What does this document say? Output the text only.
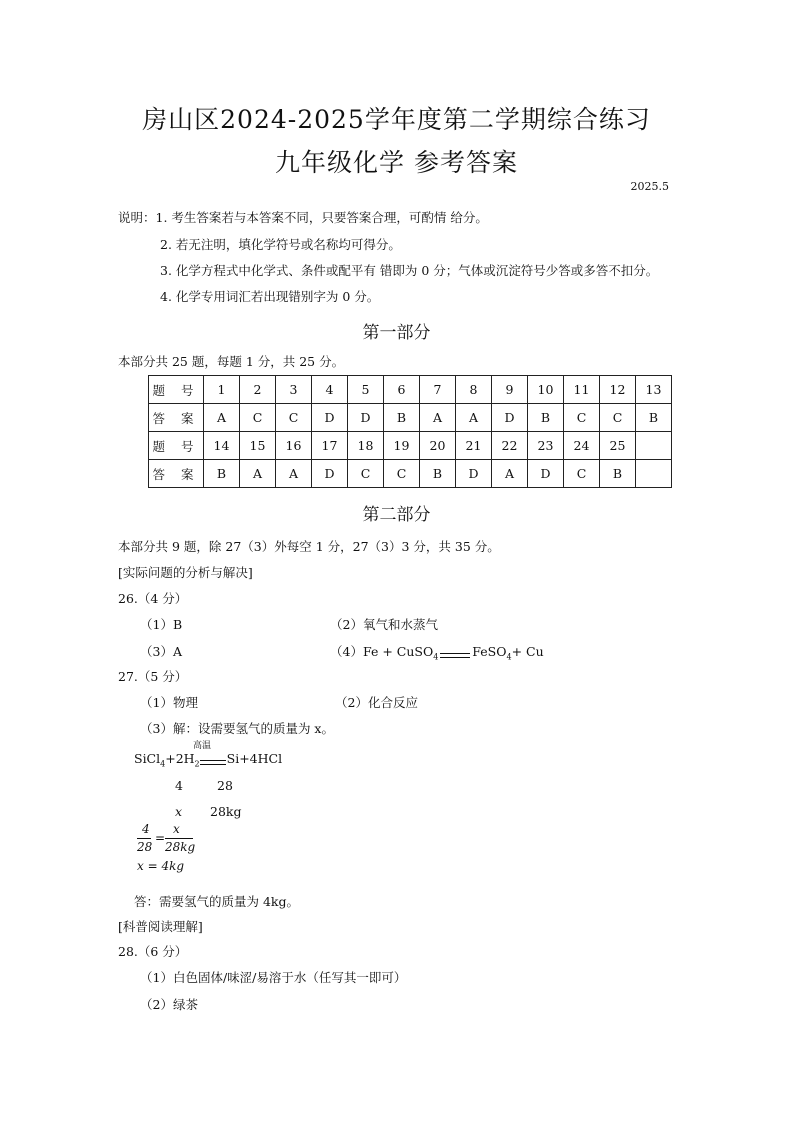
房山区2024-2025学年度第二学期综合练习
九年级化学 参考答案
2025.5
说明：1. 考生答案若与本答案不同，只要答案合理，可酌情 给分。
2. 若无注明，填化学符号或名称均可得分。
3. 化学方程式中化学式、条件或配平有 错即为 0 分；气体或沉淀符号少答或多答不扣分。
4. 化学专用词汇若出现错别字为 0 分。
第一部分
本部分共 25 题，每题 1 分，共 25 分。
题 号	1	2	3	4	5	6	7	8	9	10	11	12	13
答 案	A	C	C	D	D	B	A	A	D	B	C	C	B
题 号	14	15	16	17	18	19	20	21	22	23	24	25	
答 案	B	A	A	D	C	C	B	D	A	D	C	B	
第二部分
本部分共 9 题，除 27（3）外每空 1 分，27（3）3 分，共 35 分。
[实际问题的分析与解决]
26.（4 分）
（1）B	（2）氧气和水蒸气
（3）A	（4）Fe + CuSO$_4$	FeSO$_4$+ Cu
27.（5 分）
（1）物理	（2）化合反应
（3）解：设需要氢气的质量为 x。
高温
$SiCl_4+2H_2$ Si+4HCl
4	28
x 28kg
4
28
=
x
28kg
x = 4kg
答：需要氢气的质量为 4kg。
[科普阅读理解]
28.（6 分）
（1）白色固体/味涩/易溶于水（任写其一即可）
（2）绿茶
